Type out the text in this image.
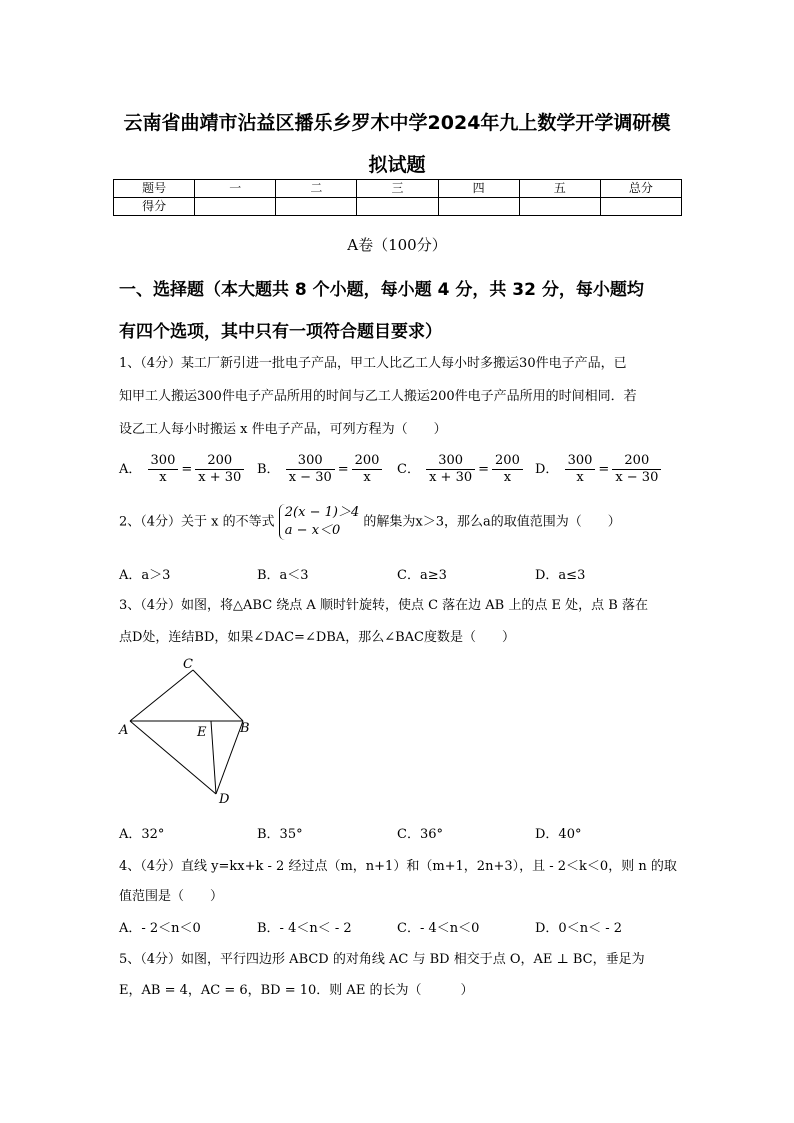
云南省曲靖市沾益区播乐乡罗木中学2024年九上数学开学调研模
拟试题
题号	一	二	三	四	五	总分
得分						
A卷（100分）
一、选择题（本大题共 8 个小题，每小题 4 分，共 32 分，每小题均
有四个选项，其中只有一项符合题目要求）
1、（4分）某工厂新引进一批电子产品，甲工人比乙工人每小时多搬运30件电子产品，已
知甲工人搬运300件电子产品所用的时间与乙工人搬运200件电子产品所用的时间相同．若
设乙工人每小时搬运 x 件电子产品，可列方程为（　　）
A． $\frac{300}{x} = \frac{200}{x + 30}$ B． $\frac{300}{x - 30} = \frac{200}{x}$ C． $\frac{300}{x + 30} = \frac{200}{x}$ D． $\frac{300}{x} = \frac{200}{x - 30}$
2、（4分）关于 x 的不等式
2(x − 1)＞4
a − x＜0
的解集为x＞3，那么a的取值范围为（　　）
A．a＞3	B．a＜3	C．a≥3	D．a≤3
3、（4分）如图，将△ABC 绕点 A 顺时针旋转，使点 C 落在边 AB 上的点 E 处，点 B 落在
点D处，连结BD，如果∠DAC=∠DBA，那么∠BAC度数是（　　）
C
A	E	B
D
A．32°	B．35°	C．36°	D．40°
4、（4分）直线 y=kx+k - 2 经过点（m，n+1）和（m+1，2n+3），且 - 2＜k＜0，则 n 的取
值范围是（　　）
A．- 2＜n＜0	B．- 4＜n＜ - 2	C．- 4＜n＜0	D．0＜n＜ - 2
5、（4分）如图，平行四边形 ABCD 的对角线 AC 与 BD 相交于点 O，AE ⊥ BC，垂足为
E，AB = 4，AC = 6，BD = 10．则 AE 的长为（　　　）
